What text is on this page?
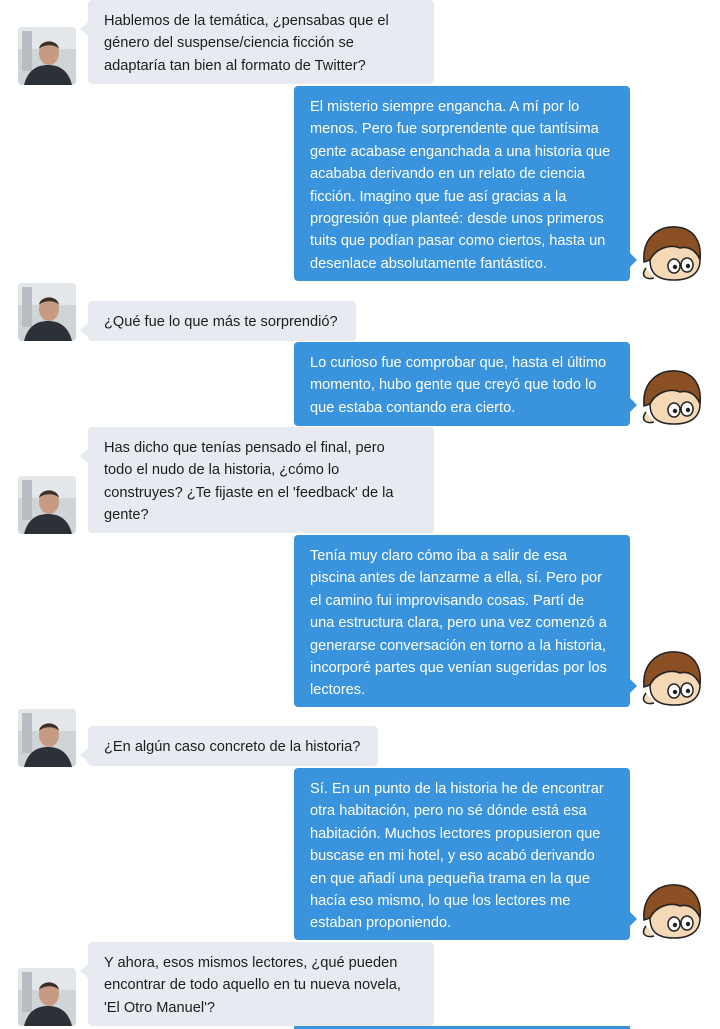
Hablemos de la temática, ¿pensabas que el
género del suspense/ciencia ficción se
adaptaría tan bien al formato de Twitter?
El misterio siempre engancha. A mí por lo
menos. Pero fue sorprendente que tantísima
gente acabase enganchada a una historia que
acababa derivando en un relato de ciencia
ficción. Imagino que fue así gracias a la
progresión que planteé: desde unos primeros
tuits que podían pasar como ciertos, hasta un
desenlace absolutamente fantástico.
¿Qué fue lo que más te sorprendió?
Lo curioso fue comprobar que, hasta el último
momento, hubo gente que creyó que todo lo
que estaba contando era cierto.
Has dicho que tenías pensado el final, pero
todo el nudo de la historia, ¿cómo lo
construyes? ¿Te fijaste en el 'feedback' de la
gente?
Tenía muy claro cómo iba a salir de esa
piscina antes de lanzarme a ella, sí. Pero por
el camino fui improvisando cosas. Partí de
una estructura clara, pero una vez comenzó a
generarse conversación en torno a la historia,
incorporé partes que venían sugeridas por los
lectores.
¿En algún caso concreto de la historia?
Sí. En un punto de la historia he de encontrar
otra habitación, pero no sé dónde está esa
habitación. Muchos lectores propusieron que
buscase en mi hotel, y eso acabó derivando
en que añadí una pequeña trama en la que
hacía eso mismo, lo que los lectores me
estaban proponiendo.
Y ahora, esos mismos lectores, ¿qué pueden
encontrar de todo aquello en tu nueva novela,
'El Otro Manuel'?
